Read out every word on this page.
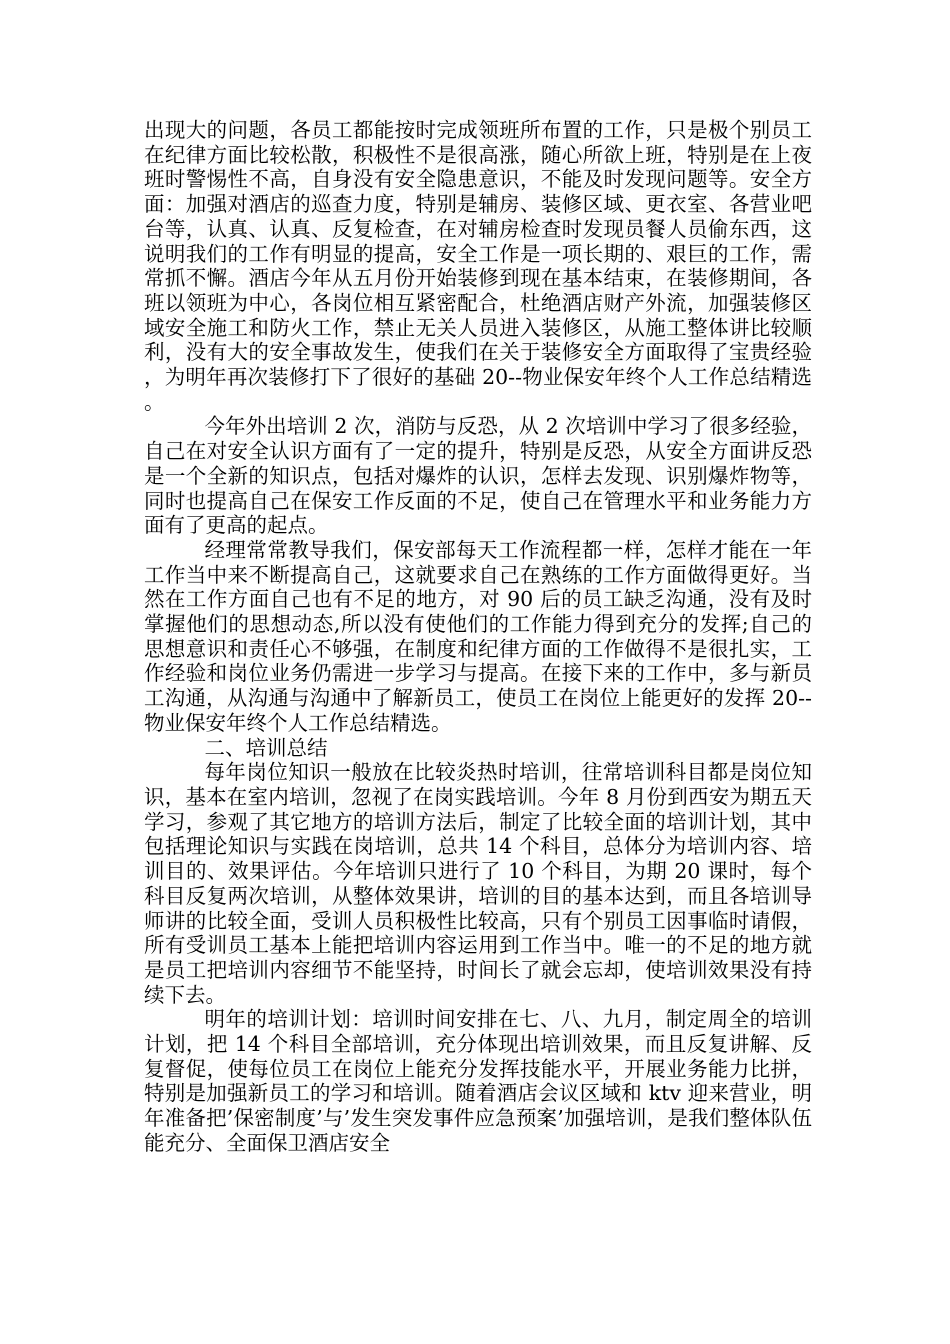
出现大的问题，各员工都能按时完成领班所布置的工作，只是极个别员工在纪律方面比较松散，积极性不是很高涨，随心所欲上班，特别是在上夜班时警惕性不高，自身没有安全隐患意识，不能及时发现问题等。安全方面：加强对酒店的巡查力度，特别是辅房、装修区域、更衣室、各营业吧台等，认真、认真、反复检查，在对辅房检查时发现员餐人员偷东西，这说明我们的工作有明显的提高，安全工作是一项长期的、艰巨的工作，需常抓不懈。酒店今年从五月份开始装修到现在基本结束，在装修期间，各班以领班为中心，各岗位相互紧密配合，杜绝酒店财产外流，加强装修区域安全施工和防火工作，禁止无关人员进入装修区，从施工整体讲比较顺利，没有大的安全事故发生，使我们在关于装修安全方面取得了宝贵经验，为明年再次装修打下了很好的基础 20--物业保安年终个人工作总结精选。

今年外出培训 2 次，消防与反恐，从 2 次培训中学习了很多经验，自己在对安全认识方面有了一定的提升，特别是反恐，从安全方面讲反恐是一个全新的知识点，包括对爆炸的认识，怎样去发现、识别爆炸物等，同时也提高自己在保安工作反面的不足，使自己在管理水平和业务能力方面有了更高的起点。

经理常常教导我们，保安部每天工作流程都一样，怎样才能在一年工作当中来不断提高自己，这就要求自己在熟练的工作方面做得更好。当然在工作方面自己也有不足的地方，对 90 后的员工缺乏沟通，没有及时掌握他们的思想动态,所以没有使他们的工作能力得到充分的发挥;自己的思想意识和责任心不够强，在制度和纪律方面的工作做得不是很扎实，工作经验和岗位业务仍需进一步学习与提高。在接下来的工作中，多与新员工沟通，从沟通与沟通中了解新员工，使员工在岗位上能更好的发挥 20--物业保安年终个人工作总结精选。

二、培训总结

每年岗位知识一般放在比较炎热时培训，往常培训科目都是岗位知识，基本在室内培训，忽视了在岗实践培训。今年 8 月份到西安为期五天学习，参观了其它地方的培训方法后，制定了比较全面的培训计划，其中包括理论知识与实践在岗培训，总共 14 个科目，总体分为培训内容、培训目的、效果评估。今年培训只进行了 10 个科目，为期 20 课时，每个科目反复两次培训，从整体效果讲，培训的目的基本达到，而且各培训导师讲的比较全面，受训人员积极性比较高，只有个别员工因事临时请假，所有受训员工基本上能把培训内容运用到工作当中。唯一的不足的地方就是员工把培训内容细节不能坚持，时间长了就会忘却，使培训效果没有持续下去。

明年的培训计划：培训时间安排在七、八、九月，制定周全的培训计划，把 14 个科目全部培训，充分体现出培训效果，而且反复讲解、反复督促，使每位员工在岗位上能充分发挥技能水平，开展业务能力比拼，特别是加强新员工的学习和培训。随着酒店会议区域和 ktv 迎来营业，明年准备把’保密制度’与’发生突发事件应急预案’加强培训，是我们整体队伍能充分、全面保卫酒店安全
